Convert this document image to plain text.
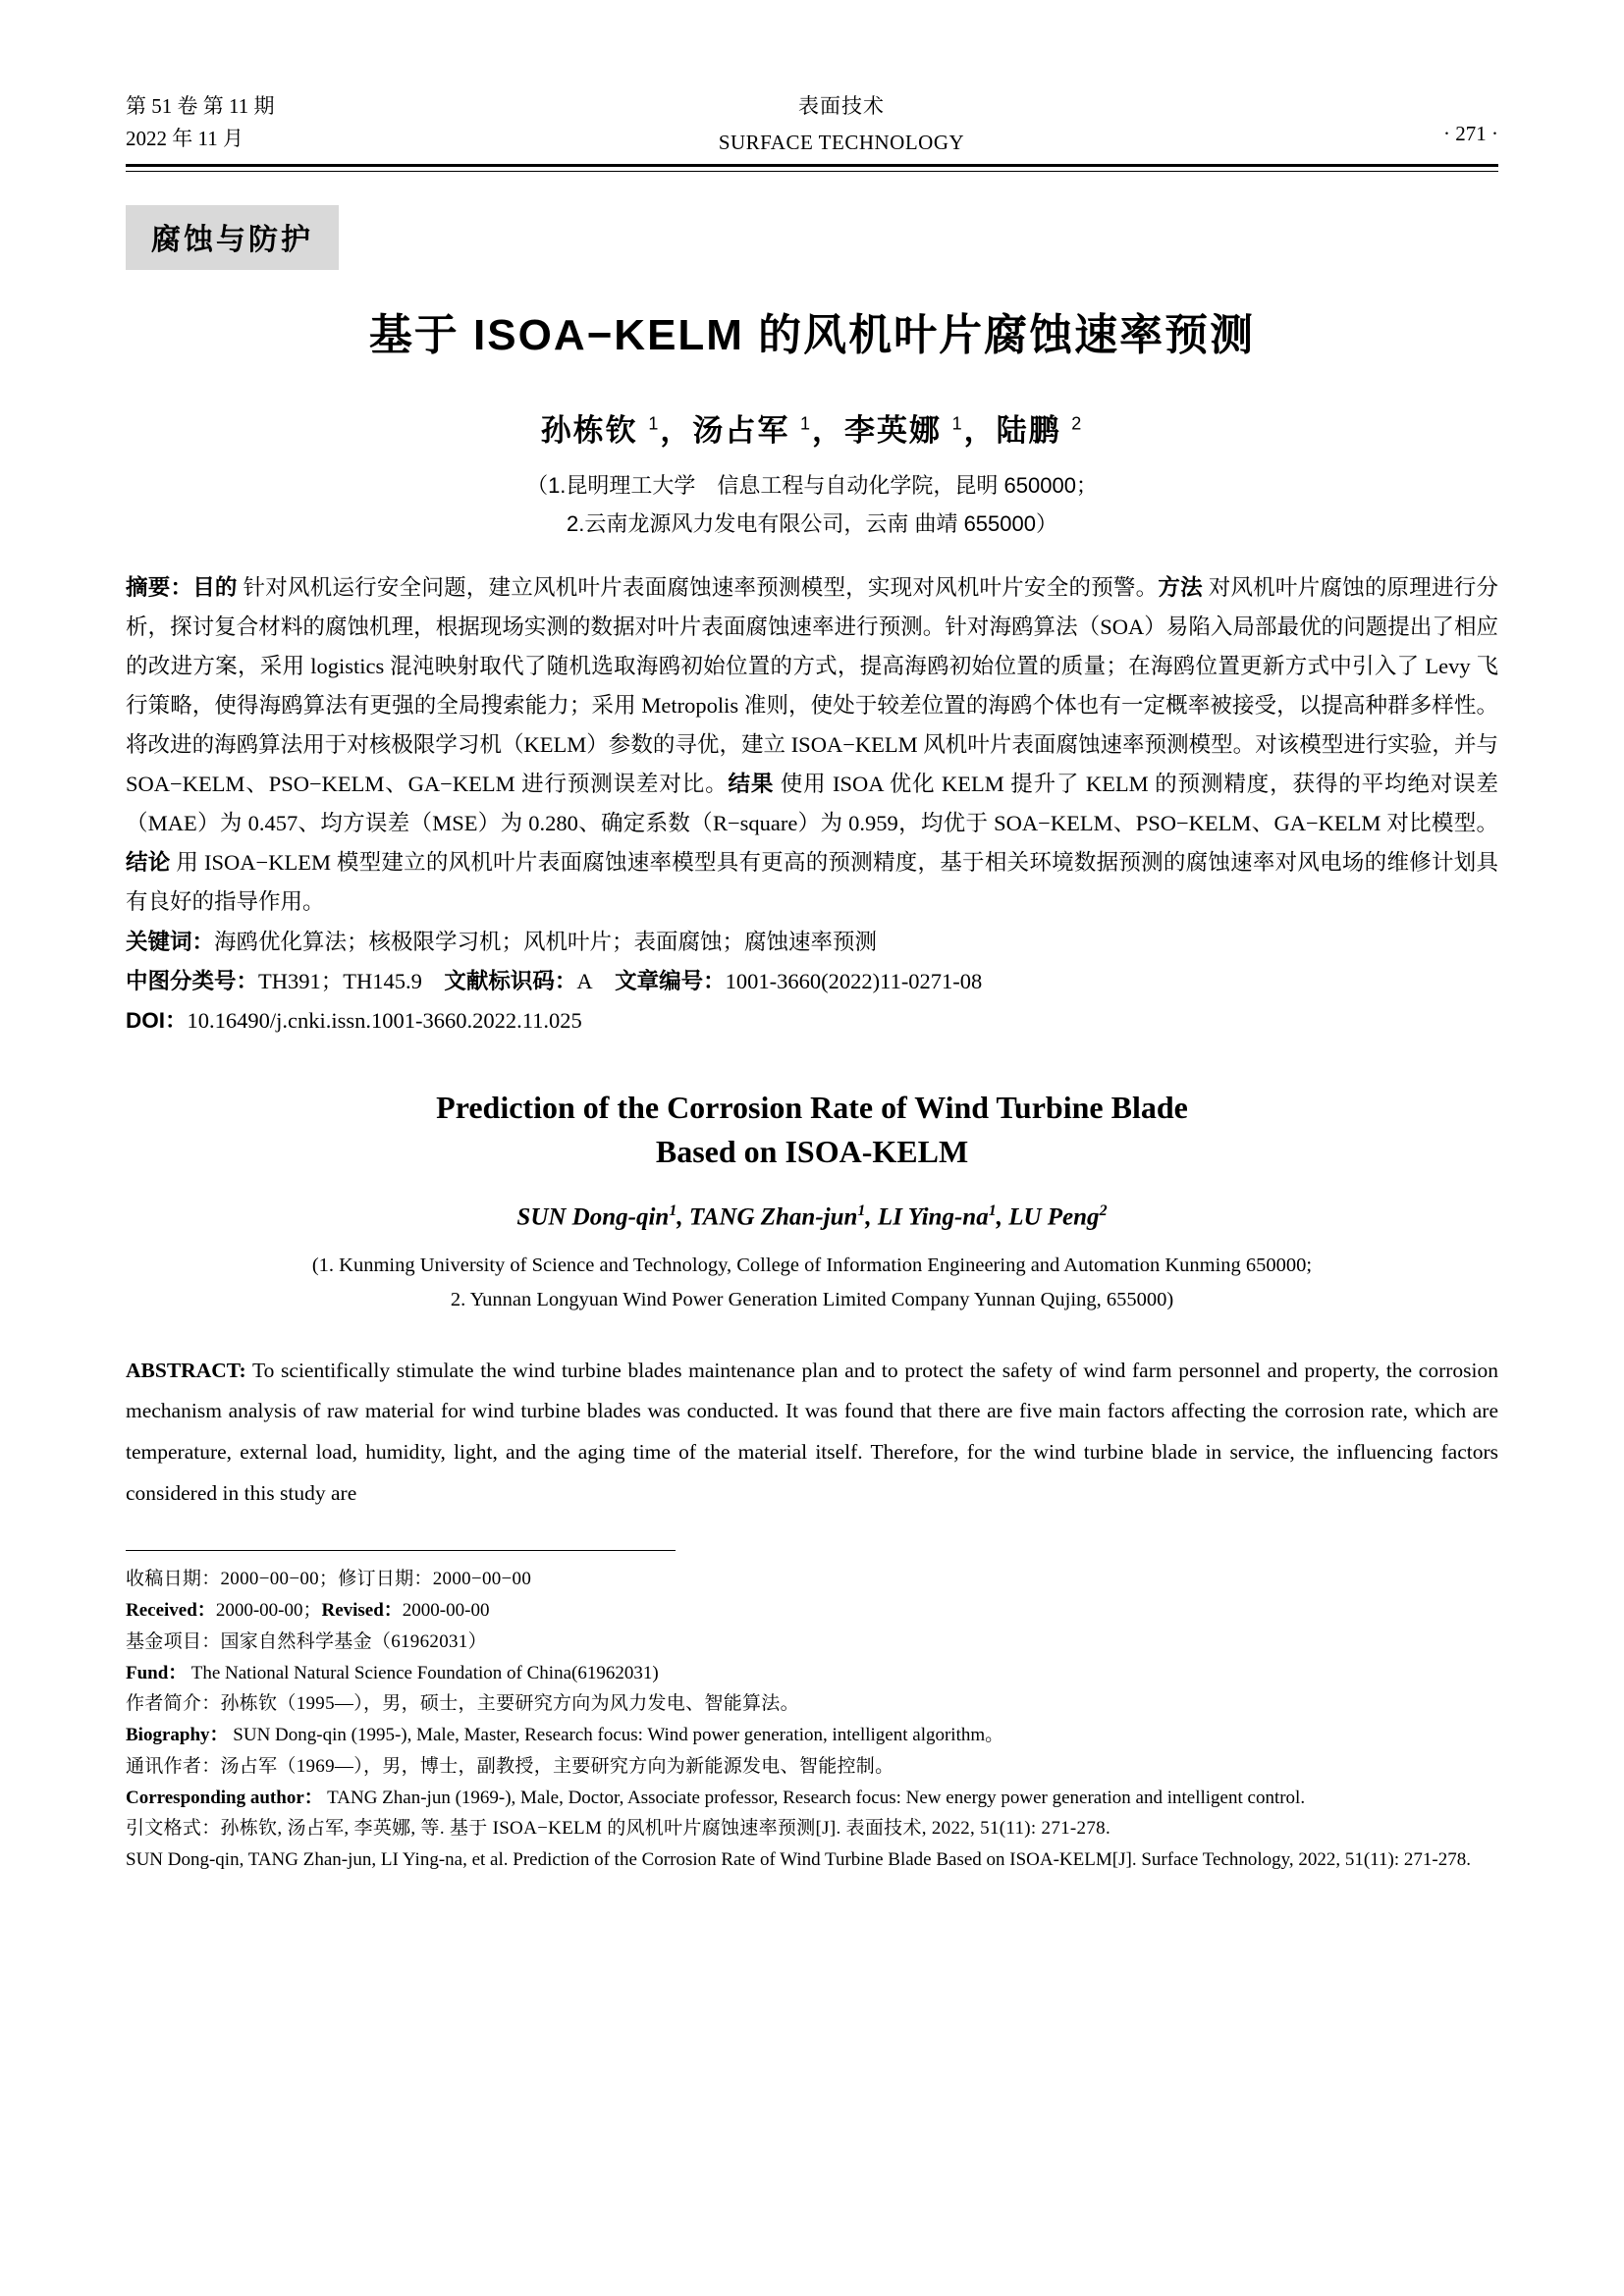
第 51 卷 第 11 期
2022 年 11 月
表面技术
SURFACE TECHNOLOGY	· 271 ·
腐蚀与防护
基于 ISOA−KELM 的风机叶片腐蚀速率预测
孙栋钦 $^1$，汤占军 $^1$，李英娜 $^1$，陆鹏 $^2$
（1.昆明理工大学　信息工程与自动化学院，昆明 650000；
2.云南龙源风力发电有限公司，云南 曲靖 655000）
摘要：目的 针对风机运行安全问题，建立风机叶片表面腐蚀速率预测模型，实现对风机叶片安全的预警。方法 对风机叶片腐蚀的原理进行分析，探讨复合材料的腐蚀机理，根据现场实测的数据对叶片表面腐蚀速率进行预测。针对海鸥算法（SOA）易陷入局部最优的问题提出了相应的改进方案，采用 logistics 混沌映射取代了随机选取海鸥初始位置的方式，提高海鸥初始位置的质量；在海鸥位置更新方式中引入了 Levy 飞行策略，使得海鸥算法有更强的全局搜索能力；采用 Metropolis 准则，使处于较差位置的海鸥个体也有一定概率被接受，以提高种群多样性。将改进的海鸥算法用于对核极限学习机（KELM）参数的寻优，建立 ISOA−KELM 风机叶片表面腐蚀速率预测模型。对该模型进行实验，并与 SOA−KELM、PSO−KELM、GA−KELM 进行预测误差对比。结果 使用 ISOA 优化 KELM 提升了 KELM 的预测精度，获得的平均绝对误差（MAE）为 0.457、均方误差（MSE）为 0.280、确定系数（R−square）为 0.959，均优于 SOA−KELM、PSO−KELM、GA−KELM 对比模型。结论 用 ISOA−KLEM 模型建立的风机叶片表面腐蚀速率模型具有更高的预测精度，基于相关环境数据预测的腐蚀速率对风电场的维修计划具有良好的指导作用。
关键词：海鸥优化算法；核极限学习机；风机叶片；表面腐蚀；腐蚀速率预测
中图分类号：TH391；TH145.9 文献标识码：A 文章编号：1001-3660(2022)11-0271-08
DOI：10.16490/j.cnki.issn.1001-3660.2022.11.025
Prediction of the Corrosion Rate of Wind Turbine Blade
Based on ISOA-KELM
SUN Dong-qin$^1$, TANG Zhan-jun$^1$, LI Ying-$na^1$, LU Peng$^2$
(1. Kunming University of Science and Technology, College of Information Engineering and Automation Kunming 650000;
2. Yunnan Longyuan Wind Power Generation Limited Company Yunnan Qujing, 655000)
ABSTRACT: To scientifically stimulate the wind turbine blades maintenance plan and to protect the safety of wind farm personnel and property, the corrosion mechanism analysis of raw material for wind turbine blades was conducted. It was found that there are five main factors affecting the corrosion rate, which are temperature, external load, humidity, light, and the aging time of the material itself. Therefore, for the wind turbine blade in service, the influencing factors considered in this study are
收稿日期：2000−00−00；修订日期：2000−00−00
Received：2000-00-00；Revised：2000-00-00
基金项目：国家自然科学基金（61962031）
Fund： The National Natural Science Foundation of China(61962031)
作者简介：孙栋钦（1995—），男，硕士，主要研究方向为风力发电、智能算法。
Biography： SUN Dong-qin (1995-), Male, Master, Research focus: Wind power generation, intelligent algorithm。
通讯作者：汤占军（1969—），男，博士，副教授，主要研究方向为新能源发电、智能控制。
Corresponding author： TANG Zhan-jun (1969-), Male, Doctor, Associate professor, Research focus: New energy power generation and intelligent control.
引文格式：孙栋钦, 汤占军, 李英娜, 等. 基于 ISOA−KELM 的风机叶片腐蚀速率预测[J]. 表面技术, 2022, 51(11): 271-278.
SUN Dong-qin, TANG Zhan-jun, LI Ying-na, et al. Prediction of the Corrosion Rate of Wind Turbine Blade Based on ISOA-KELM[J]. Surface Technology, 2022, 51(11): 271-278.
